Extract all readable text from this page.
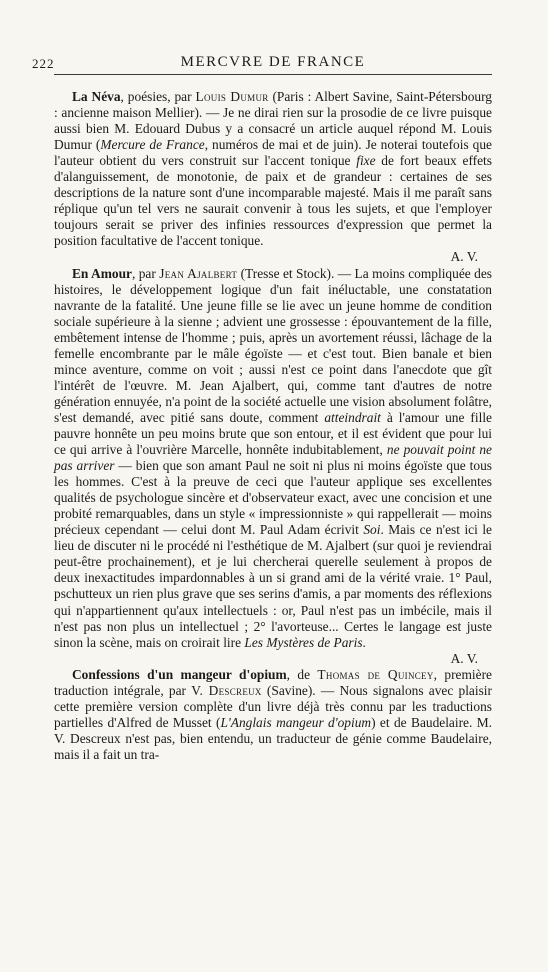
222	MERCVRE DE FRANCE

La Néva, poésies, par Louis Dumur (Paris : Albert Savine, Saint-Pétersbourg : ancienne maison Mellier). — Je ne dirai rien sur la prosodie de ce livre puisque aussi bien M. Edouard Dubus y a consacré un article auquel répond M. Louis Dumur (Mercure de France, numéros de mai et de juin). Je noterai toutefois que l'auteur obtient du vers construit sur l'accent tonique fixe de fort beaux effets d'alanguissement, de monotonie, de paix et de grandeur : certaines de ses descriptions de la nature sont d'une incomparable majesté. Mais il me paraît sans réplique qu'un tel vers ne saurait convenir à tous les sujets, et que l'employer toujours serait se priver des infinies ressources d'expression que permet la position facultative de l'accent tonique.
A. V.

En Amour, par Jean Ajalbert (Tresse et Stock). — La moins compliquée des histoires, le développement logique d'un fait inéluctable, une constatation navrante de la fatalité. Une jeune fille se lie avec un jeune homme de condition sociale supérieure à la sienne ; advient une grossesse : épouvantement de la fille, embêtement intense de l'homme ; puis, après un avortement réussi, lâchage de la femelle encombrante par le mâle égoïste — et c'est tout. Bien banale et bien mince aventure, comme on voit ; aussi n'est ce point dans l'anecdote que gît l'intérêt de l'œuvre. M. Jean Ajalbert, qui, comme tant d'autres de notre génération ennuyée, n'a point de la société actuelle une vision absolument folâtre, s'est demandé, avec pitié sans doute, comment atteindrait à l'amour une fille pauvre honnête un peu moins brute que son entour, et il est évident que pour lui ce qui arrive à l'ouvrière Marcelle, honnête indubitablement, ne pouvait point ne pas arriver — bien que son amant Paul ne soit ni plus ni moins égoïste que tous les hommes. C'est à la preuve de ceci que l'auteur applique ses excellentes qualités de psychologue sincère et d'observateur exact, avec une concision et une probité remarquables, dans un style « impressionniste » qui rappellerait — moins précieux cependant — celui dont M. Paul Adam écrivit Soi. Mais ce n'est ici le lieu de discuter ni le procédé ni l'esthétique de M. Ajalbert (sur quoi je reviendrai peut-être prochainement), et je lui chercherai querelle seulement à propos de deux inexactitudes impardonnables à un si grand ami de la vérité vraie. 1° Paul, pschutteux un rien plus grave que ses serins d'amis, a par moments des réflexions qui n'appartiennent qu'aux intellectuels : or, Paul n'est pas un imbécile, mais il n'est pas non plus un intellectuel ; 2° l'avorteuse... Certes le langage est juste sinon la scène, mais on croirait lire Les Mystères de Paris.
A. V.

Confessions d'un mangeur d'opium, de Thomas de Quincey, première traduction intégrale, par V. Descreux (Savine). — Nous signalons avec plaisir cette première version complète d'un livre déjà très connu par les traductions partielles d'Alfred de Musset (L'Anglais mangeur d'opium) et de Baudelaire. M. V. Descreux n'est pas, bien entendu, un traducteur de génie comme Baudelaire, mais il a fait un tra-
